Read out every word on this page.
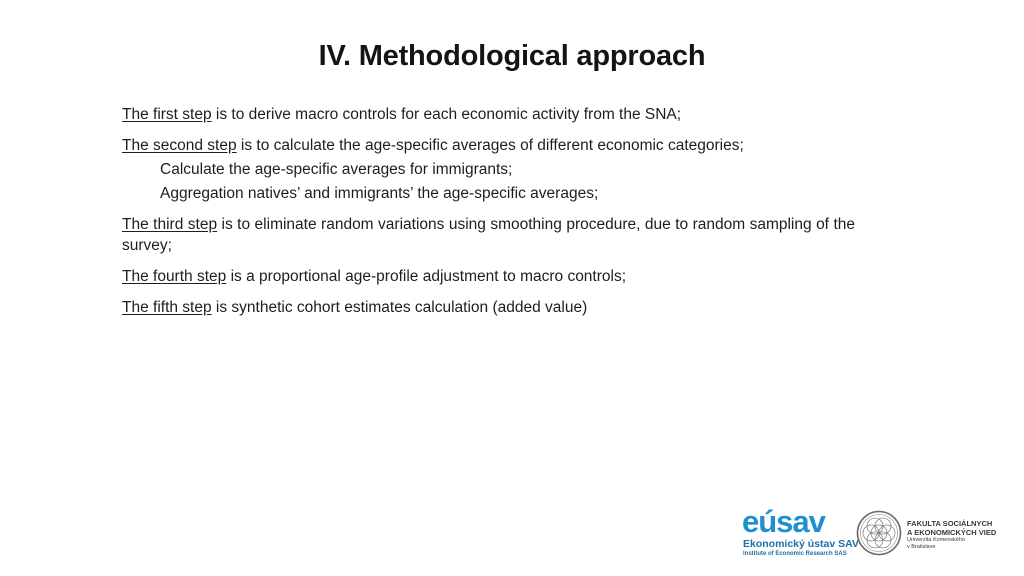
IV. Methodological approach

The first step is to derive macro controls for each economic activity from the SNA;

The second step is to calculate the age-specific averages of different economic categories;

Calculate the age-specific averages for immigrants;

Aggregation natives’ and immigrants’ the age-specific averages;

The third step is to eliminate random variations using smoothing procedure, due to random sampling of the survey;

The fourth step is a proportional age-profile adjustment to macro controls;

The fifth step is synthetic cohort estimates calculation (added value)

eúsav
Ekonomický ústav SAV
Institute of Economic Research SAS
FAKULTA SOCIÁLNYCH
A EKONOMICKÝCH VIED
Univerzita Komenského
v Bratislave
